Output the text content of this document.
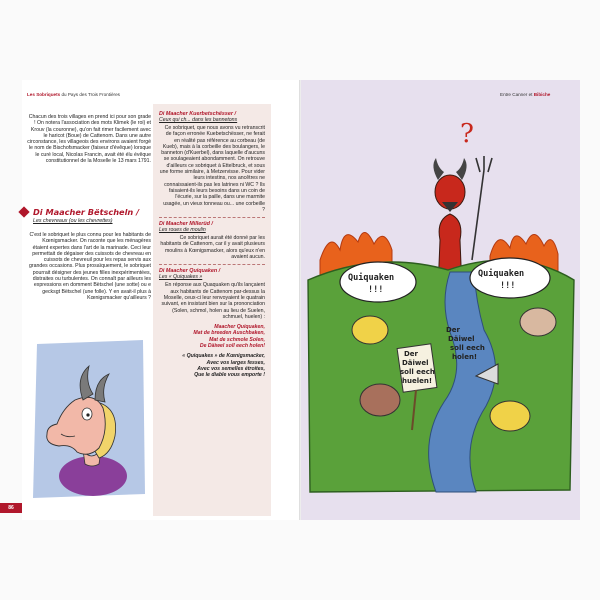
Les Sobriquets du Pays des Trois Frontières	Entre Canner et Bibiche

Chacun des trois villages en prend ici pour son grade ! On notera l'association des mots Klimek (le roi) et Krouv (la couronne), qu'on fait rimer facilement avec le haricot (Boue) de Cattenom. Dans une autre circonstance, les villageois des environs avaient forgé le nom de Bischofsmacker (faiseur d'évêque) lorsque le curé local, Nicolas Francin, avait été élu évêque constitutionnel de la Moselle le 13 mars 1791.

Di Maacher Bëtscheln /
Les chevreaux (ou les chevrettes)

C'est le sobriquet le plus connu pour les habitants de Kœnigsmacker. On raconte que les ménagères étaient expertes dans l'art de la marinade. Ceci leur permettait de dégaiser des cuissots de chevreau en cuissots de chevreuil pour les repas servis aux grandes occasions. Plus prosaïquement, le sobriquet pourrait désigner des jeunes filles inexpérimentées, distraites ou turbulentes. On connaît par ailleurs les expressions en domment Bëtschel (une sotte) ou e gecksgt Bëtschel (une folle). Y en avait-il plus à Kœnigsmacker qu'ailleurs ?

86
Di Maacher Kuerbetschësser /
Ceux qui ch... dans les bannetons

Ce sobriquet, que nous avons vu retranscrit de façon erronée Kuebetschësser, ne ferait en réalité pas référence au corbeau (de Kueb), mais à la corbeille des boulangers, le banneton (d'Kuerbel), dans laquelle d'aucuns se soulageaient abondamment. On retrouve d'ailleurs ce sobriquet à Ettelbruck, et sous une forme similaire, à Metzervisse. Pour vider leurs intestins, nos ancêtres ne connaissaient-ils pas les latrines ni WC ? Ils faisaient-ils leurs besoins dans un coin de l'écurie, sur la paille, dans une marmite usagée, un vieux tonneau ou... une corbeille ?

Di Maacher Millerüd /
Les roues de moulin

Ce sobriquet aurait été donné par les habitants de Cattenom, car il y avait plusieurs moulins à Kœnigsmacker, alors qu'eux n'en avaient aucun.

Di Maacher Quiquaken /
Les « Quiquakes »

En réponse aux Quaquaken qu'ils lançaient aux habitants de Cattenom par-dessus la Moselle, ceux-ci leur renvoyaient le quatrain suivant, en insistant bien sur la prononciation (Solen, schmol, holen au lieu de Suelen, schmuel, huelen) :

Maacher Quiquaken,
Mat de breeden Auschbaken,
Mat de schmole Solen,
De Däiwel soll eech holen!
« Quiquakes » de Kœnigsmacker,
Avec vos larges fesses,
Avec vos semelles étroites,
Que le diable vous emporte !
?
Quiquaken
!!!
Quiquaken
!!!
Der
Däiwel
soll eech
huelen!
Der
Däiwel
soll eech
holen!
